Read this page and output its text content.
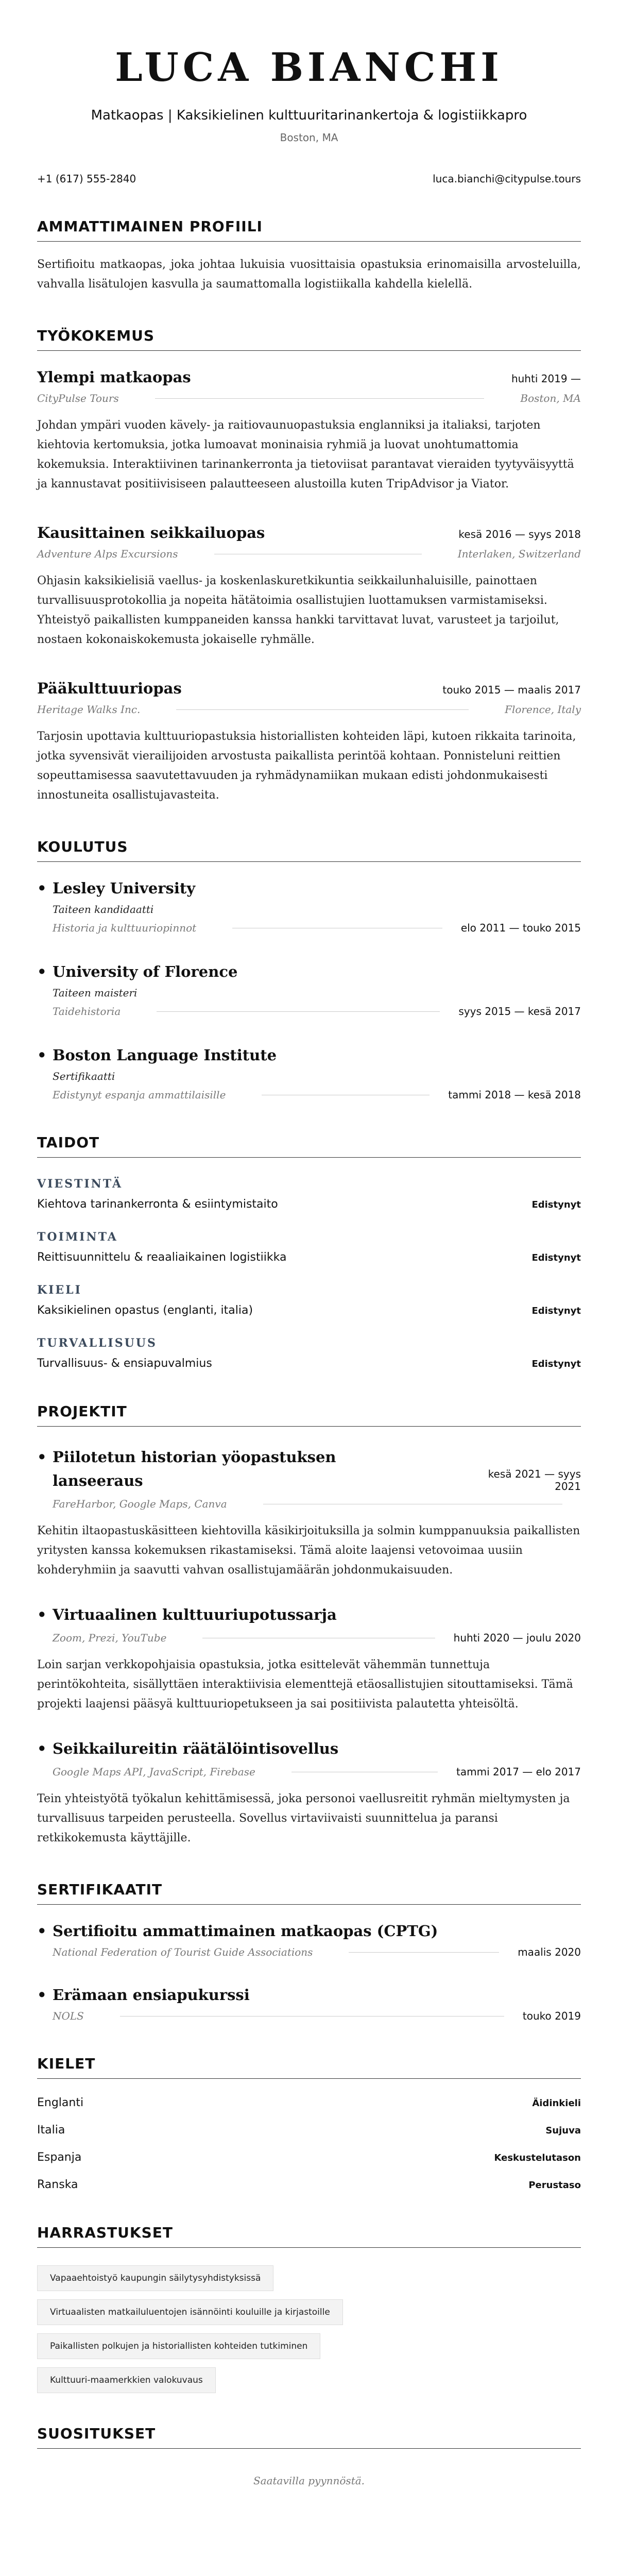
LUCA BIANCHI
Matkaopas | Kaksikielinen kulttuuritarinankertoja & logistiikkapro
Boston, MA
+1 (617) 555-2840	luca.bianchi@citypulse.tours
AMMATTIMAINEN PROFIILI
Sertifioitu matkaopas, joka johtaa lukuisia vuosittaisia opastuksia erinomaisilla arvosteluilla, vahvalla lisätulojen kasvulla ja saumattomalla logistiikalla kahdella kielellä.
TYÖKOKEMUS
Ylempi matkaopas	huhti 2019 —
CityPulse Tours	Boston, MA
Johdan ympäri vuoden kävely- ja raitiovaunuopastuksia englanniksi ja italiaksi, tarjoten kiehtovia kertomuksia, jotka lumoavat moninaisia ryhmiä ja luovat unohtumattomia kokemuksia. Interaktiivinen tarinankerronta ja tietoviisat parantavat vieraiden tyytyväisyyttä ja kannustavat positiivisiseen palautteeseen alustoilla kuten TripAdvisor ja Viator.
Kausittainen seikkailuopas	kesä 2016 — syys 2018
Adventure Alps Excursions	Interlaken, Switzerland
Ohjasin kaksikielisiä vaellus- ja koskenlaskuretkikuntia seikkailunhaluisille, painottaen turvallisuusprotokollia ja nopeita hätätoimia osallistujien luottamuksen varmistamiseksi. Yhteistyö paikallisten kumppaneiden kanssa hankki tarvittavat luvat, varusteet ja tarjoilut, nostaen kokonaiskokemusta jokaiselle ryhmälle.
Pääkulttuuriopas	touko 2015 — maalis 2017
Heritage Walks Inc.	Florence, Italy
Tarjosin upottavia kulttuuriopastuksia historiallisten kohteiden läpi, kutoen rikkaita tarinoita, jotka syvensivät vierailijoiden arvostusta paikallista perintöä kohtaan. Ponnisteluni reittien sopeuttamisessa saavutettavuuden ja ryhmädynamiikan mukaan edisti johdonmukaisesti innostuneita osallistujavasteita.
KOULUTUS
• Lesley University
Taiteen kandidaatti
Historia ja kulttuuriopinnot	elo 2011 — touko 2015
• University of Florence
Taiteen maisteri
Taidehistoria	syys 2015 — kesä 2017
• Boston Language Institute
Sertifikaatti
Edistynyt espanja ammattilaisille	tammi 2018 — kesä 2018
TAIDOT
VIESTINTÄ
Kiehtova tarinankerronta & esiintymistaito	Edistynyt
TOIMINTA
Reittisuunnittelu & reaaliaikainen logistiikka	Edistynyt
KIELI
Kaksikielinen opastus (englanti, italia)	Edistynyt
TURVALLISUUS
Turvallisuus- & ensiapuvalmius	Edistynyt
PROJEKTIT
• Piilotetun historian yöopastuksen
lanseeraus	kesä 2021 — syys
2021
FareHarbor, Google Maps, Canva
Kehitin iltaopastuskäsitteen kiehtovilla käsikirjoituksilla ja solmin kumppanuuksia paikallisten yritysten kanssa kokemuksen rikastamiseksi. Tämä aloite laajensi vetovoimaa uusiin kohderyhmiin ja saavutti vahvan osallistujamäärän johdonmukaisuuden.
• Virtuaalinen kulttuuriupotussarja
Zoom, Prezi, YouTube	huhti 2020 — joulu 2020
Loin sarjan verkkopohjaisia opastuksia, jotka esittelevät vähemmän tunnettuja perintökohteita, sisällyttäen interaktiivisia elementtejä etäosallistujien sitouttamiseksi. Tämä projekti laajensi pääsyä kulttuuriopetukseen ja sai positiivista palautetta yhteisöltä.
• Seikkailureitin räätälöintisovellus
Google Maps API, JavaScript, Firebase	tammi 2017 — elo 2017
Tein yhteistyötä työkalun kehittämisessä, joka personoi vaellusreitit ryhmän mieltymysten ja turvallisuus tarpeiden perusteella. Sovellus virtaviivaisti suunnittelua ja paransi retkikokemusta käyttäjille.
SERTIFIKAATIT
• Sertifioitu ammattimainen matkaopas (CPTG)
National Federation of Tourist Guide Associations	maalis 2020
• Erämaan ensiapukurssi
NOLS	touko 2019
KIELET
Englanti	Äidinkieli
Italia	Sujuva
Espanja	Keskustelutason
Ranska	Perustaso
HARRASTUKSET
Vapaaehtoistyö kaupungin säilytysyhdistyksissä
Virtuaalisten matkailuluentojen isännöinti kouluille ja kirjastoille
Paikallisten polkujen ja historiallisten kohteiden tutkiminen
Kulttuuri-maamerkkien valokuvaus
SUOSITUKSET
Saatavilla pyynnöstä.
